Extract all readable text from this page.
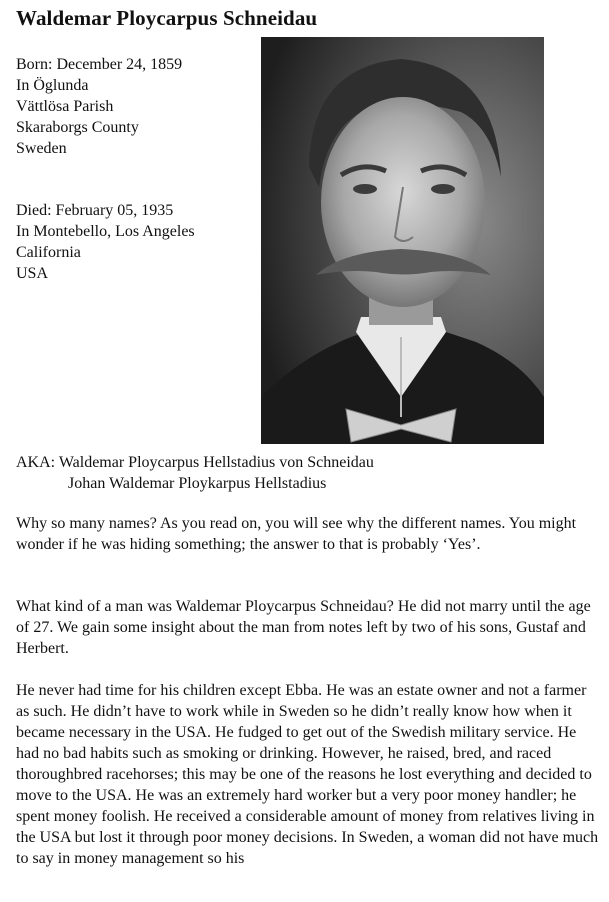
Waldemar Ploycarpus Schneidau
Born: December 24, 1859
In Öglunda
Vättlösa Parish
Skaraborgs County
Sweden
Died: February 05, 1935
In Montebello, Los Angeles
California
USA
AKA: Waldemar Ploycarpus Hellstadius von Schneidau
Johan Waldemar Ploykarpus Hellstadius

Why so many names? As you read on, you will see why the different names. You might wonder if he was hiding something; the answer to that is probably ‘Yes’.

What kind of a man was Waldemar Ploycarpus Schneidau? He did not marry until the age of 27. We gain some insight about the man from notes left by two of his sons, Gustaf and Herbert.

He never had time for his children except Ebba. He was an estate owner and not a farmer as such. He didn’t have to work while in Sweden so he didn’t really know how when it became necessary in the USA. He fudged to get out of the Swedish military service. He had no bad habits such as smoking or drinking. However, he raised, bred, and raced thoroughbred racehorses; this may be one of the reasons he lost everything and decided to move to the USA. He was an extremely hard worker but a very poor money handler; he spent money foolish. He received a considerable amount of money from relatives living in the USA but lost it through poor money decisions. In Sweden, a woman did not have much to say in money management so his
